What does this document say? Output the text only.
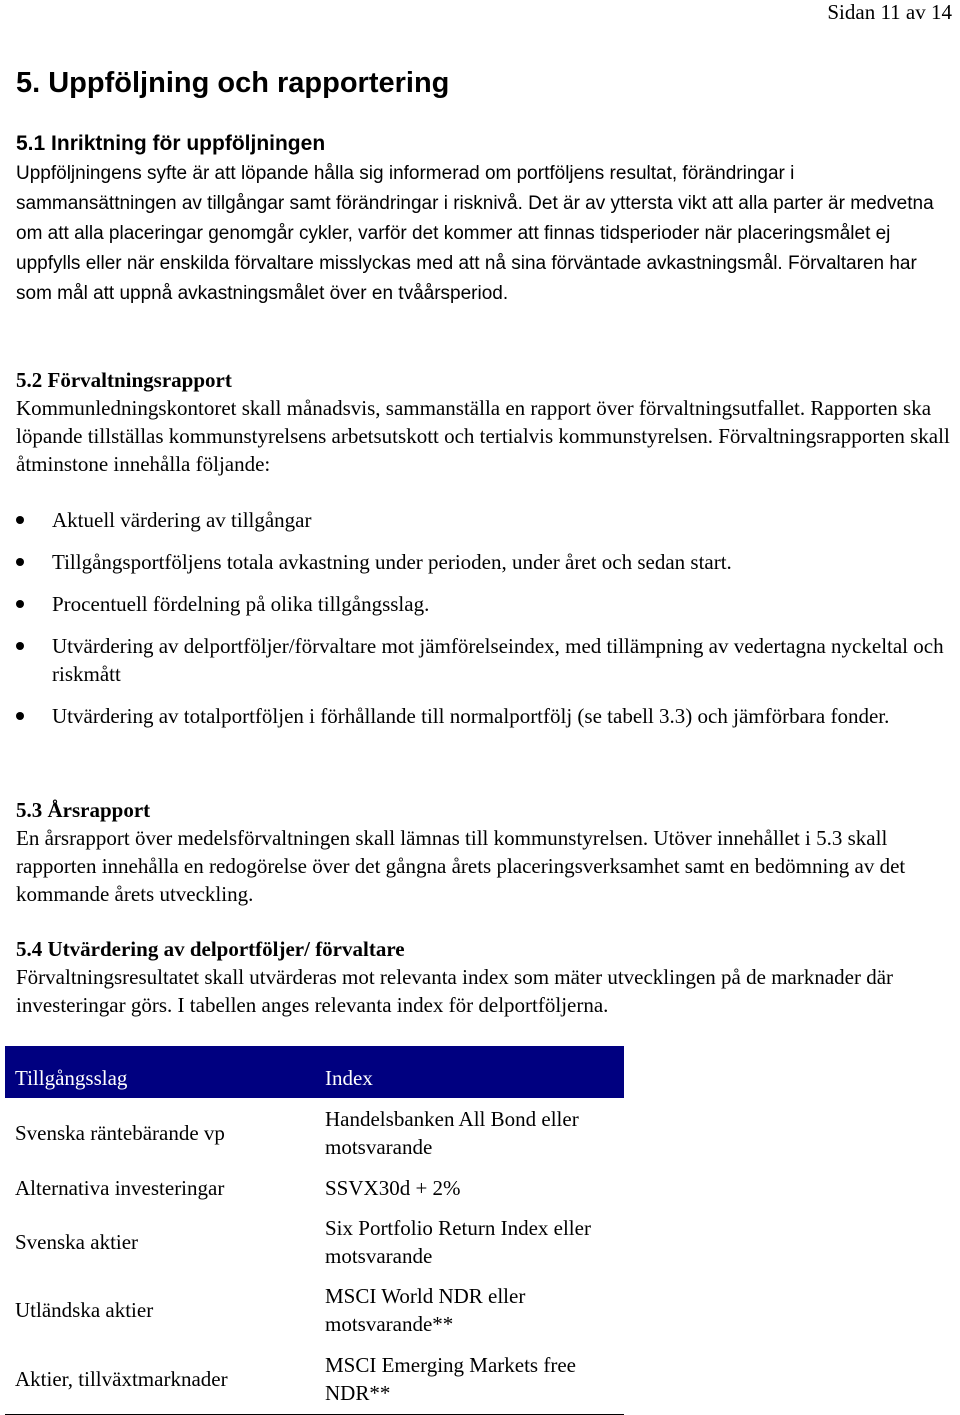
Sidan 11 av 14
5. Uppföljning och rapportering
5.1 Inriktning för uppföljningen

Uppföljningens syfte är att löpande hålla sig informerad om portföljens resultat, förändringar i sammansättningen av tillgångar samt förändringar i risknivå. Det är av yttersta vikt att alla parter är medvetna om att alla placeringar genomgår cykler, varför det kommer att finnas tidsperioder när placeringsmålet ej uppfylls eller när enskilda förvaltare misslyckas med att nå sina förväntade avkastningsmål. Förvaltaren har som mål att uppnå avkastningsmålet över en tvåårsperiod.

5.2 Förvaltningsrapport

Kommunledningskontoret skall månadsvis, sammanställa en rapport över förvaltningsutfallet. Rapporten ska löpande tillställas kommunstyrelsens arbetsutskott och tertialvis kommunstyrelsen. Förvaltningsrapporten skall åtminstone innehålla följande:

Aktuell värdering av tillgångar
Tillgångsportföljens totala avkastning under perioden, under året och sedan start.
Procentuell fördelning på olika tillgångsslag.
Utvärdering av delportföljer/förvaltare mot jämförelseindex, med tillämpning av vedertagna nyckeltal och riskmått
Utvärdering av totalportföljen i förhållande till normalportfölj (se tabell 3.3) och jämförbara fonder.
5.3 Årsrapport

En årsrapport över medelsförvaltningen skall lämnas till kommunstyrelsen. Utöver innehållet i 5.3 skall rapporten innehålla en redogörelse över det gångna årets placeringsverksamhet samt en bedömning av det kommande årets utveckling.

5.4 Utvärdering av delportföljer/ förvaltare

Förvaltningsresultatet skall utvärderas mot relevanta index som mäter utvecklingen på de marknader där investeringar görs. I tabellen anges relevanta index för delportföljerna.

Tillgångsslag	Index
Svenska räntebärande vp	Handelsbanken All Bond eller motsvarande
Alternativa investeringar	SSVX30d + 2%
Svenska aktier	Six Portfolio Return Index eller motsvarande
Utländska aktier	MSCI World NDR eller motsvarande**
Aktier, tillväxtmarknader	MSCI Emerging Markets free NDR**
